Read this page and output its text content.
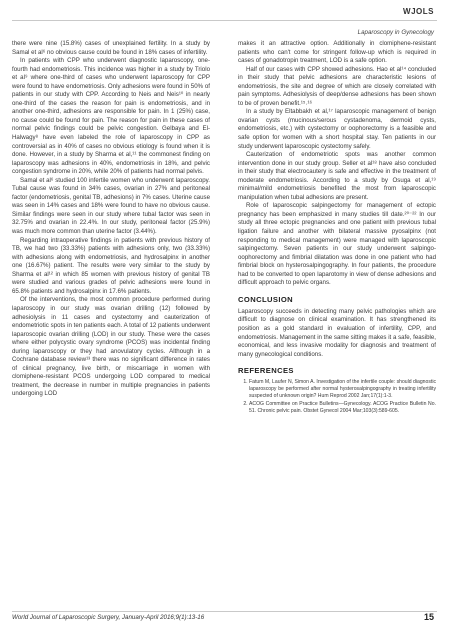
WJOLS
Laparoscopy in Gynecology

there were nine (15.8%) cases of unexplained fertility. In a study by Samal et al⁶ no obvious cause could be found in 18% cases of infertility.

In patients with CPP who underwent diagnostic laparoscopy, one-fourth had endometriosis. This incidence was higher in a study by Triolo et al⁹ where one-third of cases who underwent laparoscopy for CPP were found to have endometriosis. Only adhesions were found in 50% of patients in our study with CPP. According to Neis and Neis¹⁰ in nearly one-third of the cases the reason for pain is endometriosis, and in another one-third, adhesions are responsible for pain. In 1 (25%) case, no cause could be found for pain. The reason for pain in these cases of normal pelvic findings could be pelvic congestion. Gelbaya and El-Halwagy⁸ have even labeled the role of laparoscopy in CPP as controversial as in 40% of cases no obvious etiology is found when it is done. However, in a study by Sharma et al,¹¹ the commonest finding on laparoscopy was adhesions in 40%, endometriosis in 18%, and pelvic congestion syndrome in 20%, while 20% of patients had normal pelvis.

Samal et al⁶ studied 100 infertile women who underwent laparoscopy. Tubal cause was found in 34% cases, ovarian in 27% and peritoneal factor (endometriosis, genital TB, adhesions) in 7% cases. Uterine cause was seen in 14% cases and 18% were found to have no obvious cause. Similar findings were seen in our study where tubal factor was seen in 32.75% and ovarian in 22.4%. In our study, peritoneal factor (25.9%) was much more common than uterine factor (3.44%).

Regarding intraoperative findings in patients with previous history of TB, we had two (33.33%) patients with adhesions only, two (33.33%) with adhesions along with endometriosis, and hydrosalpinx in another one (16.67%) patient. The results were very similar to the study by Sharma et al¹² in which 85 women with previous history of genital TB were studied and various grades of pelvic adhesions were found in 65.8% patients and hydrosalpinx in 17.6% patients.

Of the interventions, the most common procedure performed during laparoscopy in our study was ovarian drilling (12) followed by adhesiolysis in 11 cases and cystectomy and cauterization of endometriotic spots in ten patients each. A total of 12 patients underwent laparoscopic ovarian drilling (LOD) in our study. These were the cases where either polycystic ovary syndrome (PCOS) was incidental finding during laparoscopy or they had anovulatory cycles. Although in a Cochrane database review¹³ there was no significant difference in rates of clinical pregnancy, live birth, or miscarriage in women with clomiphene-resistant PCOS undergoing LOD compared to medical treatment, the decrease in number in multiple pregnancies in patients undergoing LOD

makes it an attractive option. Additionally in clomiphene-resistant patients who can't come for stringent follow-up which is required in cases of gonadotropin treatment, LOD is a safe option.

Half of our cases with CPP showed adhesions. Hao et al¹⁴ concluded in their study that pelvic adhesions are characteristic lesions of endometriosis, the site and degree of which are closely correlated with pain symptoms. Adhesiolysis of deep/dense adhesions has been shown to be of proven benefit.¹⁵˒¹⁶

In a study by Eltabbakh et al,¹⁷ laparoscopic management of benign ovarian cysts (mucinous/serous cystadenoma, dermoid cysts, endometriosis, etc.) with cystectomy or oophorectomy is a feasible and safe option for women with a short hospital stay. Ten patients in our study underwent laparoscopic cystectomy safely.

Cauterization of endometriotic spots was another common intervention done in our study group. Seller et al¹⁸ have also concluded in their study that electrocautery is safe and effective in the treatment of moderate endometriosis. According to a study by Osuga et al,¹⁹ minimal/mild endometriosis benefited the most from laparoscopic manipulation when tubal adhesions are present.

Role of laparoscopic salpingectomy for management of ectopic pregnancy has been emphasized in many studies till date.²⁰⁻²² In our study all three ectopic pregnancies and one patient with previous tubal ligation failure and another with bilateral massive pyosalpinx (not responding to medical management) were managed with laparoscopic salpingectomy. Seven patients in our study underwent salpingo-oophorectomy and fimbrial dilatation was done in one patient who had fimbrial block on hysterosalpingography. In four patients, the procedure had to be converted to open laparotomy in view of dense adhesions and difficult approach to pelvic organs.

CONCLUSION

Laparoscopy succeeds in detecting many pelvic pathologies which are difficult to diagnose on clinical examination. It has strengthened its position as a gold standard in evaluation of infertility, CPP, and endometriosis. Management in the same sitting makes it a safe, feasible, economical, and less invasive modality for diagnosis and treatment of many gynecological conditions.

REFERENCES
1. Fatum M, Laufer N, Simon A. Investigation of the infertile couple: should diagnostic laparoscopy be performed after normal hysterosalpingography in treating infertility suspected of unknown origin? Hum Reprod 2002 Jan;17(1):1-3.
2. ACOG Committee on Practice Bulletins—Gynecology. ACOG Practice Bulletin No. 51. Chronic pelvic pain. Obstet Gynecol 2004 Mar;103(3):589-605.
World Journal of Laparoscopic Surgery, January-April 2016;9(1):13-16	15
